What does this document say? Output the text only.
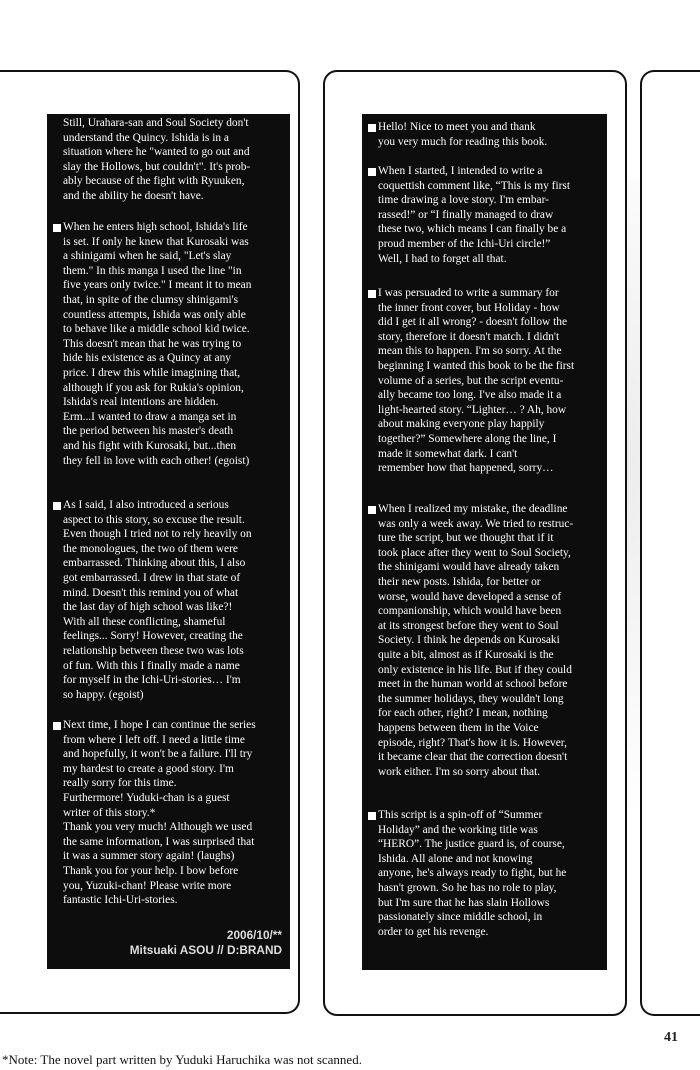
Still, Urahara-san and Soul Society don't
understand the Quincy. Ishida is in a
situation where he "wanted to go out and
slay the Hollows, but couldn't". It's prob-
ably because of the fight with Ryuuken,
and the ability he doesn't have.

When he enters high school, Ishida's life
is set. If only he knew that Kurosaki was
a shinigami when he said, "Let's slay
them." In this manga I used the line "in
five years only twice." I meant it to mean
that, in spite of the clumsy shinigami's
countless attempts, Ishida was only able
to behave like a middle school kid twice.
This doesn't mean that he was trying to
hide his existence as a Quincy at any
price. I drew this while imagining that,
although if you ask for Rukia's opinion,
Ishida's real intentions are hidden.
Erm...I wanted to draw a manga set in
the period between his master's death
and his fight with Kurosaki, but...then
they fell in love with each other! (egoist)

As I said, I also introduced a serious
aspect to this story, so excuse the result.
Even though I tried not to rely heavily on
the monologues, the two of them were
embarrassed. Thinking about this, I also
got embarrassed. I drew in that state of
mind. Doesn't this remind you of what
the last day of high school was like?!
With all these conflicting, shameful
feelings... Sorry! However, creating the
relationship between these two was lots
of fun. With this I finally made a name
for myself in the Ichi-Uri-stories… I'm
so happy. (egoist)

Next time, I hope I can continue the series
from where I left off. I need a little time
and hopefully, it won't be a failure. I'll try
my hardest to create a good story. I'm
really sorry for this time.
Furthermore! Yuduki-chan is a guest
writer of this story.*
Thank you very much! Although we used
the same information, I was surprised that
it was a summer story again! (laughs)
Thank you for your help. I bow before
you, Yuzuki-chan! Please write more
fantastic Ichi-Uri-stories.

2006/10/**
Mitsuaki ASOU // D:BRAND

Hello! Nice to meet you and thank
you very much for reading this book.

When I started, I intended to write a
coquettish comment like, “This is my first
time drawing a love story. I'm embar-
rassed!” or “I finally managed to draw
these two, which means I can finally be a
proud member of the Ichi-Uri circle!”
Well, I had to forget all that.

I was persuaded to write a summary for
the inner front cover, but Holiday - how
did I get it all wrong? - doesn't follow the
story, therefore it doesn't match. I didn't
mean this to happen. I'm so sorry. At the
beginning I wanted this book to be the first
volume of a series, but the script eventu-
ally became too long. I've also made it a
light-hearted story. “Lighter… ? Ah, how
about making everyone play happily
together?” Somewhere along the line, I
made it somewhat dark. I can't
remember how that happened, sorry…

When I realized my mistake, the deadline
was only a week away. We tried to restruc-
ture the script, but we thought that if it
took place after they went to Soul Society,
the shinigami would have already taken
their new posts. Ishida, for better or
worse, would have developed a sense of
companionship, which would have been
at its strongest before they went to Soul
Society. I think he depends on Kurosaki
quite a bit, almost as if Kurosaki is the
only existence in his life. But if they could
meet in the human world at school before
the summer holidays, they wouldn't long
for each other, right? I mean, nothing
happens between them in the Voice
episode, right? That's how it is. However,
it became clear that the correction doesn't
work either. I'm so sorry about that.

This script is a spin-off of “Summer
Holiday” and the working title was
“HERO”. The justice guard is, of course,
Ishida. All alone and not knowing
anyone, he's always ready to fight, but he
hasn't grown. So he has no role to play,
but I'm sure that he has slain Hollows
passionately since middle school, in
order to get his revenge.

41
*Note: The novel part written by Yuduki Haruchika was not scanned.
